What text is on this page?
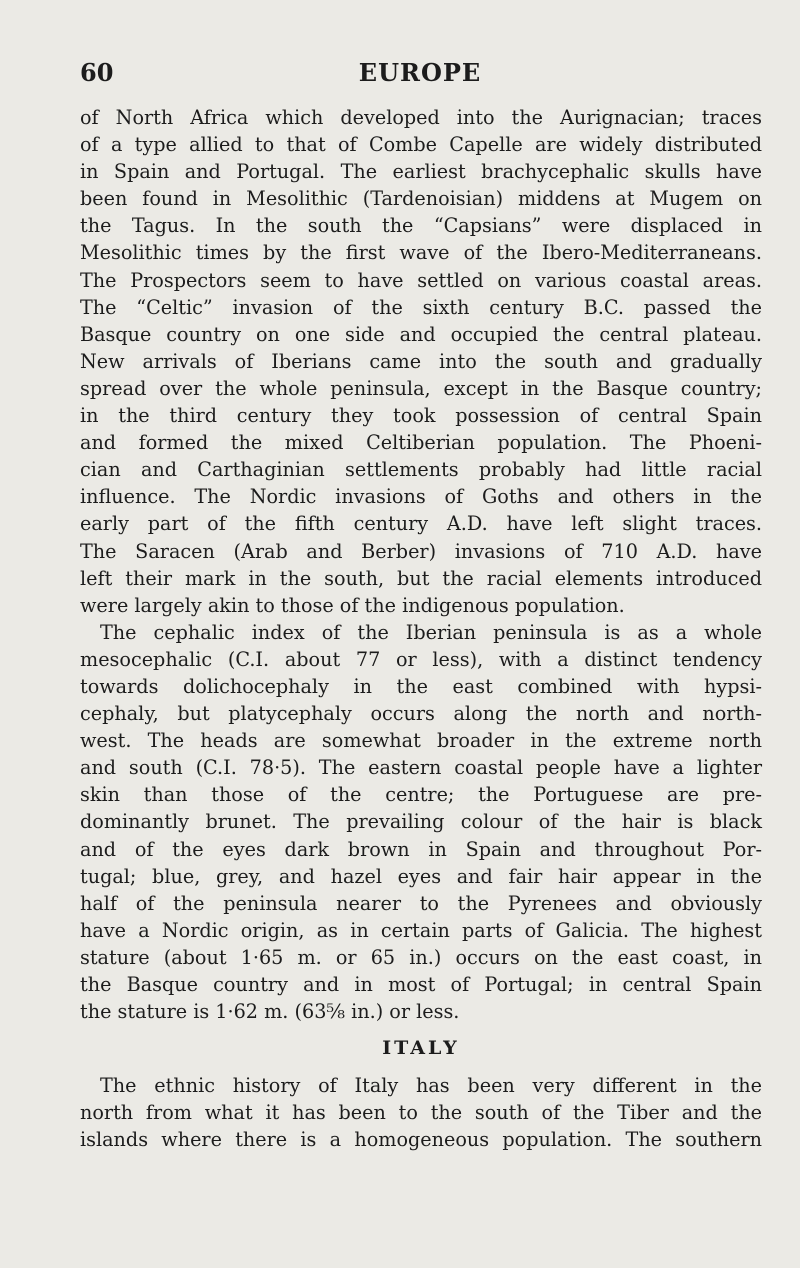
60	EUROPE
of North Africa which developed into the Aurignacian; traces
of a type allied to that of Combe Capelle are widely distributed
in Spain and Portugal. The earliest brachycephalic skulls have
been found in Mesolithic (Tardenoisian) middens at Mugem on
the Tagus. In the south the “Capsians” were displaced in
Mesolithic times by the first wave of the Ibero-Mediterraneans.
The Prospectors seem to have settled on various coastal areas.
The “Celtic” invasion of the sixth century B.C. passed the
Basque country on one side and occupied the central plateau.
New arrivals of Iberians came into the south and gradually
spread over the whole peninsula, except in the Basque country;
in the third century they took possession of central Spain
and formed the mixed Celtiberian population. The Phoeni-
cian and Carthaginian settlements probably had little racial
influence. The Nordic invasions of Goths and others in the
early part of the fifth century A.D. have left slight traces.
The Saracen (Arab and Berber) invasions of 710 A.D. have
left their mark in the south, but the racial elements introduced
were largely akin to those of the indigenous population.
The cephalic index of the Iberian peninsula is as a whole
mesocephalic (C.I. about 77 or less), with a distinct tendency
towards dolichocephaly in the east combined with hypsi-
cephaly, but platycephaly occurs along the north and north-
west. The heads are somewhat broader in the extreme north
and south (C.I. 78·5). The eastern coastal people have a lighter
skin than those of the centre; the Portuguese are pre-
dominantly brunet. The prevailing colour of the hair is black
and of the eyes dark brown in Spain and throughout Por-
tugal; blue, grey, and hazel eyes and fair hair appear in the
half of the peninsula nearer to the Pyrenees and obviously
have a Nordic origin, as in certain parts of Galicia. The highest
stature (about 1·65 m. or 65 in.) occurs on the east coast, in
the Basque country and in most of Portugal; in central Spain
the stature is 1·62 m. (63⅝ in.) or less.
ITALY
The ethnic history of Italy has been very different in the
north from what it has been to the south of the Tiber and the
islands where there is a homogeneous population. The southern
